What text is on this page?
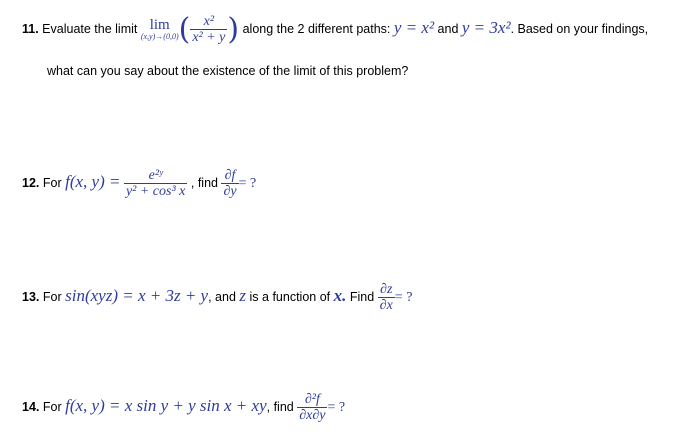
11. Evaluate the limit lim
(x,y)→(0,0) ( $\frac{\text{x²}}{\text{x² + y}}$ ) along the 2 different paths: y = x² and y = 3x². Based on your findings,
what can you say about the existence of the limit of this problem?
12. For f(x, $y) = \frac{\text{e²ʸ}}{\text{y² + cos³ x}}$ , find $\frac{\partial f}{\partial y}$ = ?
13. For sin(xyz) = x + 3z + y, and z is a function of x. Find $\frac{\partial z}{\partial x}$ = ?
14. For f(x, y) = x sin y + y sin x + xy, find $\frac{\text{∂²f}}{\partial x\partial y}$ = ?
